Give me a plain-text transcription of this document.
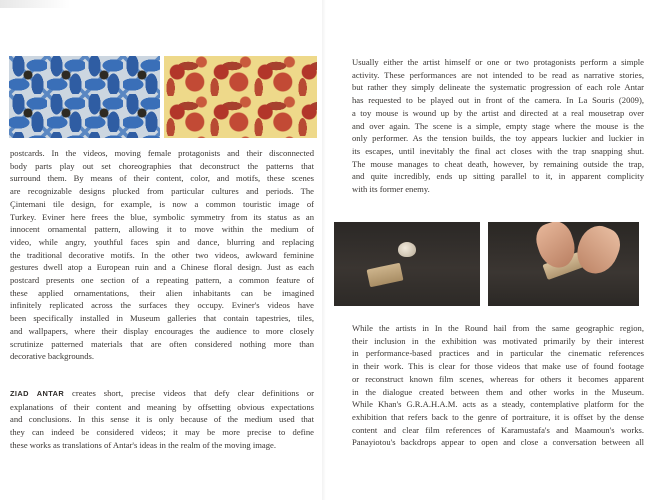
postcards. In the videos, moving female protagonists and their disconnected
body parts play out set choreographies that deconstruct the patterns that
surround them. By means of their content, color, and motifs, these scenes
are recognizable designs plucked from particular cultures and periods. The
Çintemani tile design, for example, is now a common touristic image of
Turkey. Eviner here frees the blue, symbolic symmetry from its status as an
innocent ornamental pattern, allowing it to move within the medium of
video, while angry, youthful faces spin and dance, blurring and replacing
the traditional decorative motifs. In the other two videos, awkward feminine
gestures dwell atop a European ruin and a Chinese floral design. Just as each
postcard presents one section of a repeating pattern, a common feature of
these applied ornamentations, their alien inhabitants can be imagined
infinitely replicated across the surfaces they occupy. Eviner's videos have
been specifically installed in Museum galleries that contain tapestries, tiles,
and wallpapers, where their display encourages the audience to more closely
scrutinize patterned materials that are often considered nothing more than
decorative backgrounds.
ZIAD ANTAR creates short, precise videos that defy clear definitions or
explanations of their content and meaning by offsetting obvious expectations
and conclusions. In this sense it is only because of the medium used that
they can indeed be considered videos; it may be more precise to define
these works as translations of Antar's ideas in the realm of the moving image.
Usually either the artist himself or one or two protagonists perform a simple
activity. These performances are not intended to be read as narrative stories,
but rather they simply delineate the systematic progression of each role Antar
has requested to be played out in front of the camera. In La Souris (2009),
a toy mouse is wound up by the artist and directed at a real mousetrap over
and over again. The scene is a simple, empty stage where the mouse is the
only performer. As the tension builds, the toy appears luckier and luckier in
its escapes, until inevitably the final act closes with the trap snapping shut.
The mouse manages to cheat death, however, by remaining outside the trap,
and quite incredibly, ends up sitting parallel to it, in apparent complicity
with its former enemy.
While the artists in In the Round hail from the same geographic region,
their inclusion in the exhibition was motivated primarily by their interest
in performance-based practices and in particular the cinematic references
in their work. This is clear for those videos that make use of found footage
or reconstruct known film scenes, whereas for others it becomes apparent
in the dialogue created between them and other works in the Museum.
While Khan's G.R.A.H.A.M. acts as a steady, contemplative platform for the
exhibition that refers back to the genre of portraiture, it is offset by the dense
content and clear film references of Karamustafa's and Maamoun's works.
Panayiotou's backdrops appear to open and close a conversation between all
